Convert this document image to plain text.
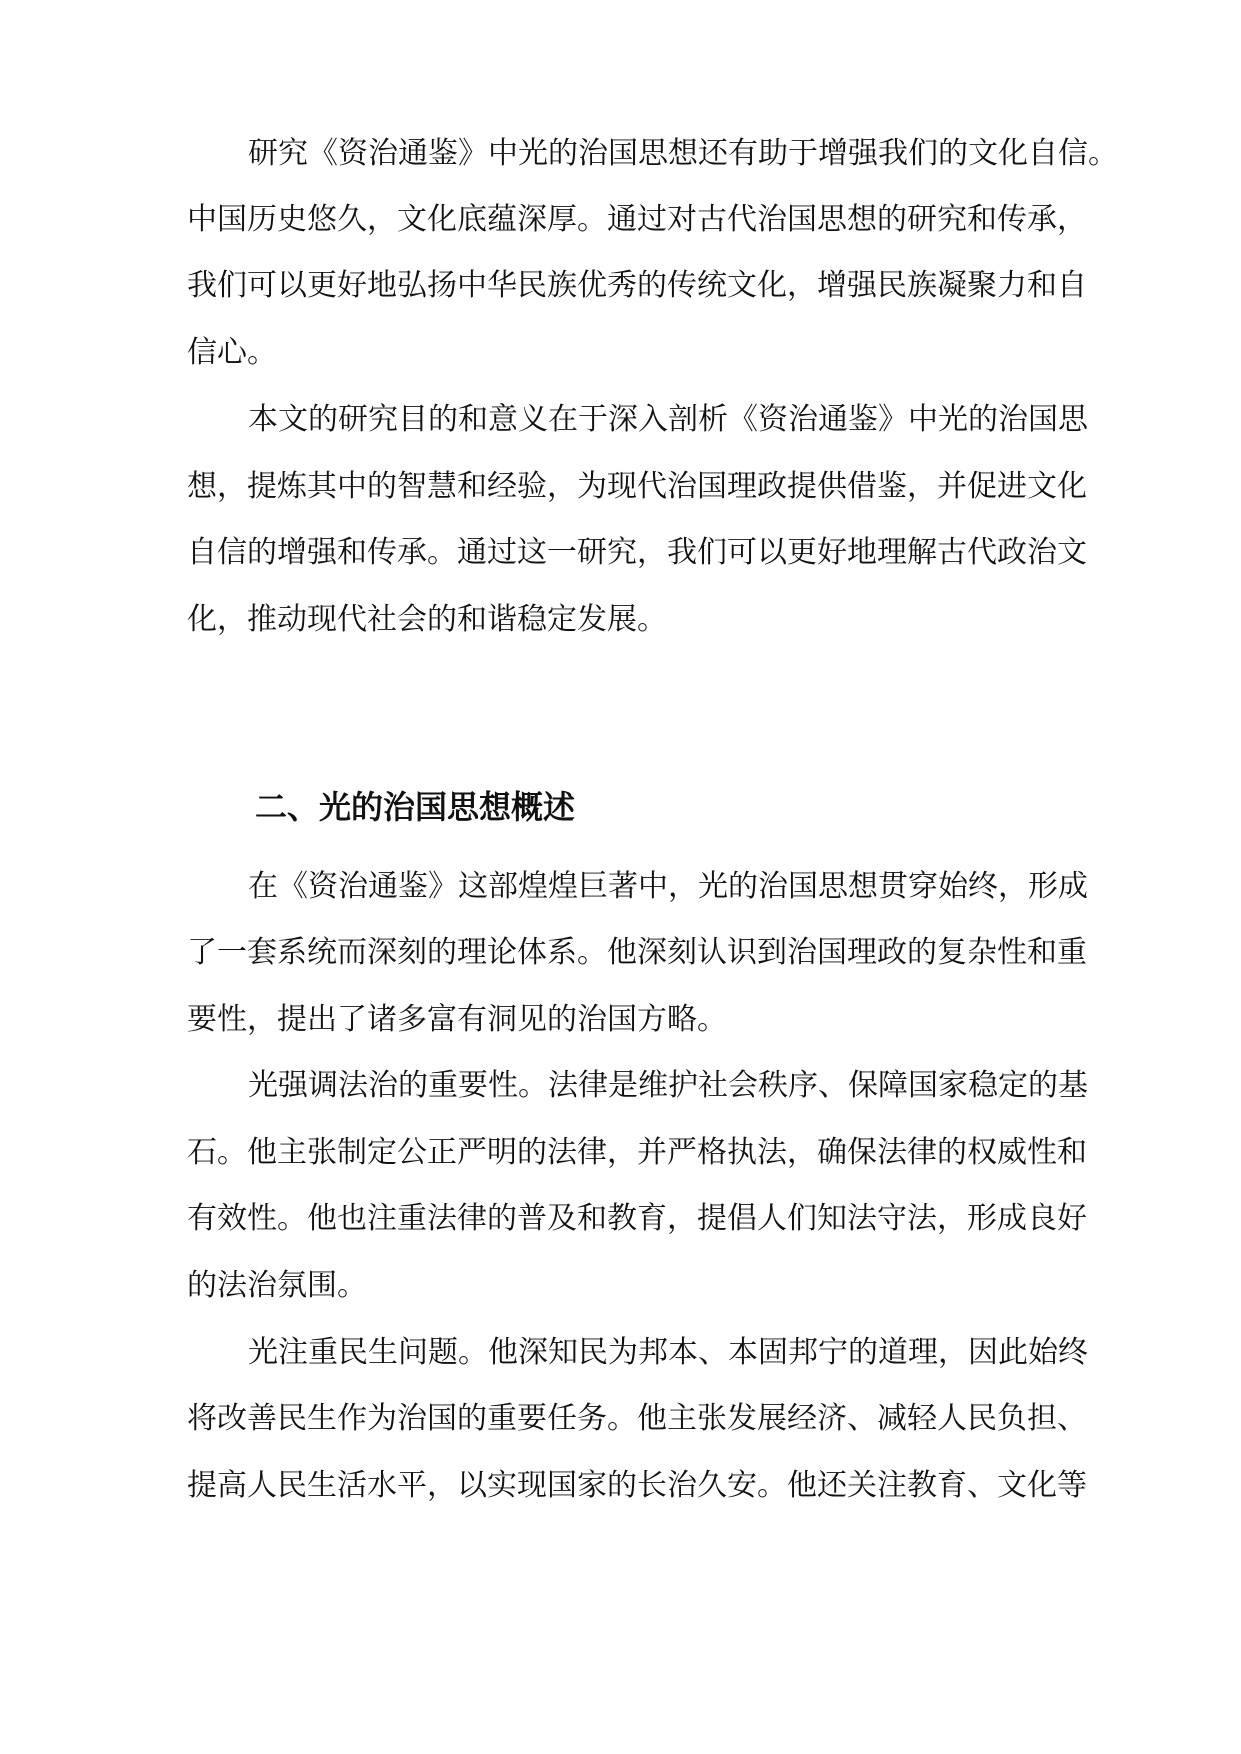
研究《资治通鉴》中光的治国思想还有助于增强我们的文化自信。
中国历史悠久，文化底蕴深厚。通过对古代治国思想的研究和传承，
我们可以更好地弘扬中华民族优秀的传统文化，增强民族凝聚力和自
信心。
本文的研究目的和意义在于深入剖析《资治通鉴》中光的治国思
想，提炼其中的智慧和经验，为现代治国理政提供借鉴，并促进文化
自信的增强和传承。通过这一研究，我们可以更好地理解古代政治文
化，推动现代社会的和谐稳定发展。
二、光的治国思想概述
在《资治通鉴》这部煌煌巨著中，光的治国思想贯穿始终，形成
了一套系统而深刻的理论体系。他深刻认识到治国理政的复杂性和重
要性，提出了诸多富有洞见的治国方略。
光强调法治的重要性。法律是维护社会秩序、保障国家稳定的基
石。他主张制定公正严明的法律，并严格执法，确保法律的权威性和
有效性。他也注重法律的普及和教育，提倡人们知法守法，形成良好
的法治氛围。
光注重民生问题。他深知民为邦本、本固邦宁的道理，因此始终
将改善民生作为治国的重要任务。他主张发展经济、减轻人民负担、
提高人民生活水平，以实现国家的长治久安。他还关注教育、文化等
